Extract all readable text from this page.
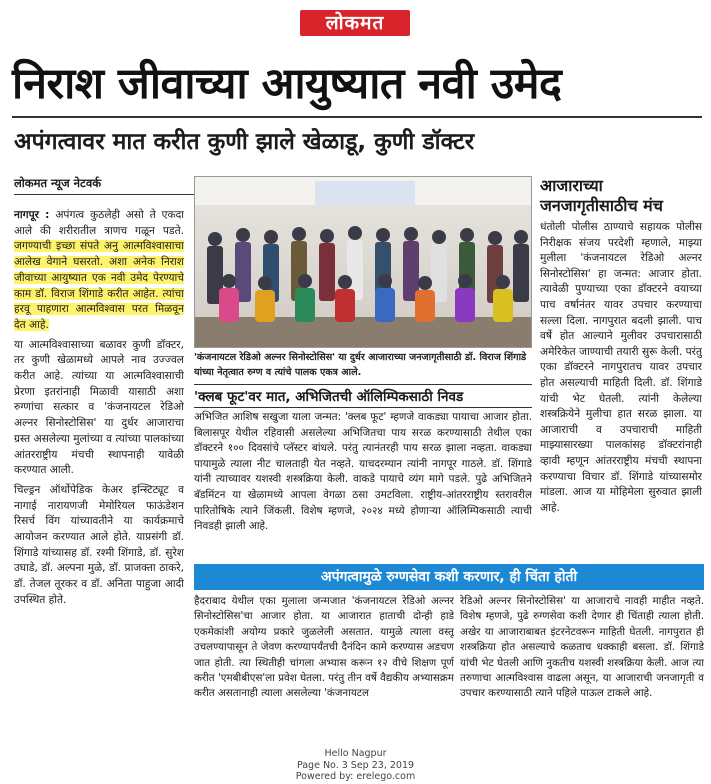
लोकमत
निराश जीवाच्या आयुष्यात नवी उमेद
अपंगत्वावर मात करीत कुणी झाले खेळाडू, कुणी डॉक्टर
लोकमत न्यूज नेटवर्क

नागपूर : अपंगत्व कुठलेही असो ते एकदा आले की शरीरातील त्राणच गळून पडते. जगण्याची इच्छा संपते अनु आत्मविश्वासाचा आलेख वेगाने घसरतो. अशा अनेक निराश जीवाच्या आयुष्यात एक नवी उमेद पेरण्याचे काम डॉ. विराज शिंगाडे करीत आहेत. त्यांचा हरवू पाहणारा आत्मविश्वास परत मिळवून देत आहे.

या आत्मविश्वासाच्या बळावर कुणी डॉक्टर, तर कुणी खेळामध्ये आपले नाव उज्ज्वल करीत आहे. त्यांच्या या आत्मविश्वासाची प्रेरणा इतरांनाही मिळावी यासाठी अशा रुग्णांचा सत्कार व 'कंजनायटल रेडिओ अल्नर सिनोस्टोसिस' या दुर्धर आजाराचा ग्रस्त असलेल्या मुलांच्या व त्यांच्या पालकांच्या आंतरराष्ट्रीय मंचची स्थापनाही यावेळी करण्यात आली.

चिल्ड्रन ऑर्थोपेडिक केअर इन्स्टिट्यूट व नागाई नारायणजी मेमोरियल फाऊंडेशन रिसर्च विंग यांच्यावतीने या कार्यक्रमाचे आयोजन करण्यात आले होते. याप्रसंगी डॉ. शिंगाडे यांच्यासह डॉ. रश्मी शिंगाडे, डॉ. सुरेश उघाडे, डॉ. अल्पना मुळे, डॉ. प्राजक्ता ठाकरे, डॉ. तेजल तूरकर व डॉ. अनिता पाहुजा आदी उपस्थित होते.

'कंजनायटल रेडिओ अल्नर सिनोस्टोसिस' या दुर्धर आजाराच्या जनजागृतीसाठी डॉ. विराज शिंगाडे यांच्या नेतृत्वात रुग्ण व त्यांचे पालक एकत्र आले.
'क्लब फूट'वर मात, अभिजितची ऑलिम्पिकसाठी निवड
अभिजित आशिष सखुजा याला जन्मत: 'क्लब फूट' म्हणजे वाकड्या पायाचा आजार होता. बिलासपूर येथील रहिवासी असलेल्या अभिजितचा पाय सरळ करण्यासाठी तेथील एका डॉक्टरने १०० दिवसांचे प्लॅस्टर बांधले. परंतु त्यानंतरही पाय सरळ झाला नव्हता. वाकड्या पायामुळे त्याला नीट चालताही येत नव्हते. याचदरम्यान त्यांनी नागपूर गाठले. डॉ. शिंगाडे यांनी त्याच्यावर यशस्वी शस्त्रक्रिया केली. वाकडे पायाचे व्यंग मागे पडले. पुढे अभिजितने बॅडमिंटन या खेळामध्ये आपला वेगळा ठसा उमटविला. राष्ट्रीय-आंतरराष्ट्रीय स्तरावरील पारितोषिके त्याने जिंकली. विशेष म्हणजे, २०२४ मध्ये होणाऱ्या ऑलिम्पिकसाठी त्याची निवडही झाली आहे.
आजाराच्या जनजागृतीसाठीच मंच
धंतोली पोलीस ठाण्याचे सहायक पोलीस निरीक्षक संजय परदेशी म्हणाले, माझ्या मुलीला 'कंजनायटल रेडिओ अल्नर सिनोस्टोसिस' हा जन्मत: आजार होता. त्यावेळी पुण्याच्या एका डॉक्टरने वयाच्या पाच वर्षानंतर यावर उपचार करण्याचा सल्ला दिला. नागपुरात बदली झाली. पाच वर्षे होत आल्याने मुलीवर उपचारासाठी अमेरिकेत जाण्याची तयारी सुरू केली. परंतु एका डॉक्टरने नागपुरातच यावर उपचार होत असल्याची माहिती दिली. डॉ. शिंगाडे यांची भेट घेतली. त्यांनी केलेल्या शस्त्रक्रियेने मुलीचा हात सरळ झाला. या आजाराची व उपचाराची माहिती माझ्यासारख्या पालकांसह डॉक्टरांनाही व्हावी म्हणून आंतरराष्ट्रीय मंचची स्थापना करण्याचा विचार डॉ. शिंगाडे यांच्यासमोर मांडला. आज या मोहिमेला सुरुवात झाली आहे.
अपंगत्वामुळे रुग्णसेवा कशी करणार, ही चिंता होती
हैदराबाद येथील एका मुलाला जन्मजात 'कंजनायटल रेडिओ अल्नर सिनोस्टोसिस'चा आजार होता. या आजारात हाताची दोन्ही हाडे एकमेकांशी अयोग्य प्रकारे जुळलेली असतात. यामुळे त्याला वस्तू उचलण्यापासून ते जेवण करण्यापर्यंतची दैनंदिन कामे करण्यास अडचण जात होती. त्या स्थितीही चांगला अभ्यास करून १२ वीचे शिक्षण पूर्ण करीत 'एमबीबीएस'ला प्रवेश घेतला. परंतु तीन वर्षे वैद्यकीय अभ्यासक्रम करीत असतानाही त्याला असलेल्या 'कंजनायटल
रेडिओ अल्नर सिनोस्टोसिस' या आजाराचे नावही माहीत नव्हते. विशेष म्हणजे, पुढे रुग्णसेवा कशी देणार ही चिंताही त्याला होती. अखेर या आजाराबाबत इंटरनेटवरून माहिती घेतली. नागपुरात ही शस्त्रक्रिया होत असल्याचे कळताच धक्काही बसला. डॉ. शिंगाडे यांची भेट घेतली आणि नुकतीच यशस्वी शस्त्रक्रिया केली. आज त्या तरुणाचा आत्मविश्वास वाढला असून, या आजाराची जनजागृती व उपचार करण्यासाठी त्याने पहिले पाऊल टाकले आहे.
Hello Nagpur
Page No. 3 Sep 23, 2019
Powered by: erelego.com
